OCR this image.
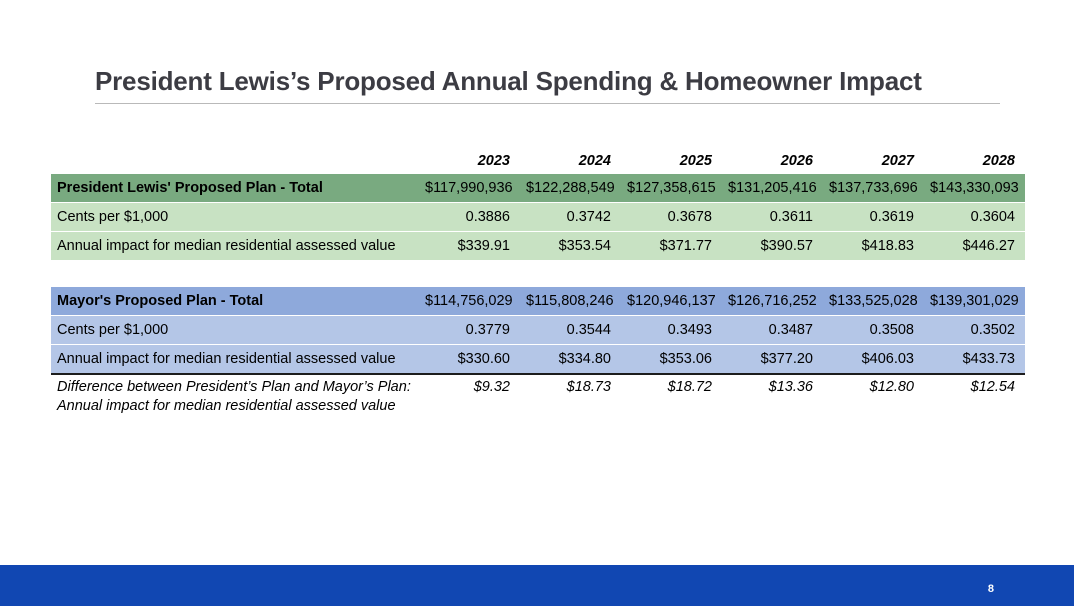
President Lewis’s Proposed Annual Spending & Homeowner Impact
2023	2024	2025	2026	2027	2028
President Lewis' Proposed Plan - Total	$117,990,936 $122,288,549 $127,358,615 $131,205,416 $137,733,696 $143,330,093
Cents per $1,000	0.3886	0.3742	0.3678	0.3611	0.3619	0.3604
Annual impact for median residential assessed value	$339.91	$353.54	$371.77	$390.57	$418.83	$446.27
Mayor's Proposed Plan - Total	$114,756,029 $115,808,246 $120,946,137 $126,716,252 $133,525,028 $139,301,029
Cents per $1,000	0.3779	0.3544	0.3493	0.3487	0.3508	0.3502
Annual impact for median residential assessed value	$330.60	$334.80	$353.06	$377.20	$406.03	$433.73
Difference between President’s Plan and Mayor’s Plan:
Annual impact for median residential assessed value
$9.32	$18.73	$18.72	$13.36	$12.80	$12.54
8
